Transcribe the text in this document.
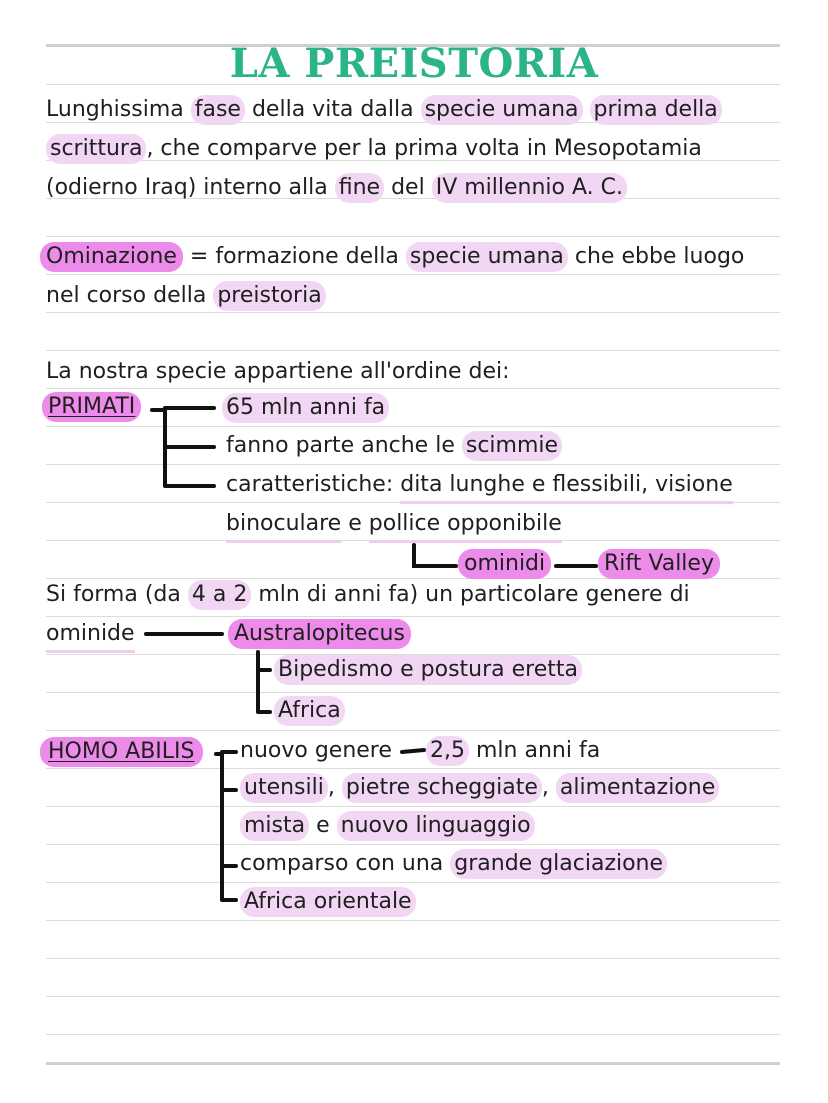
LA PREISTORIA
Lunghissima fase della vita dalla specie umana prima della
scrittura , che comparve per la prima volta in Mesopotamia
(odierno Iraq) interno alla fine del IV millennio A. C.
Ominazione = formazione della specie umana che ebbe luogo
nel corso della preistoria
La nostra specie appartiene all'ordine dei:
PRIMATI	65 mln anni fa
fanno parte anche le scimmie
caratteristiche: dita lunghe e flessibili, visione
binoculare e pollice opponibile
ominidi	Rift Valley
Si forma (da 4 a 2 mln di anni fa) un particolare genere di
ominide	Australopitecus
Bipedismo e postura eretta
Africa
HOMO ABILIS	nuovo genere 2,5 mln anni fa
utensili , pietre scheggiate , alimentazione
mista e nuovo linguaggio
comparso con una grande glaciazione
Africa orientale
